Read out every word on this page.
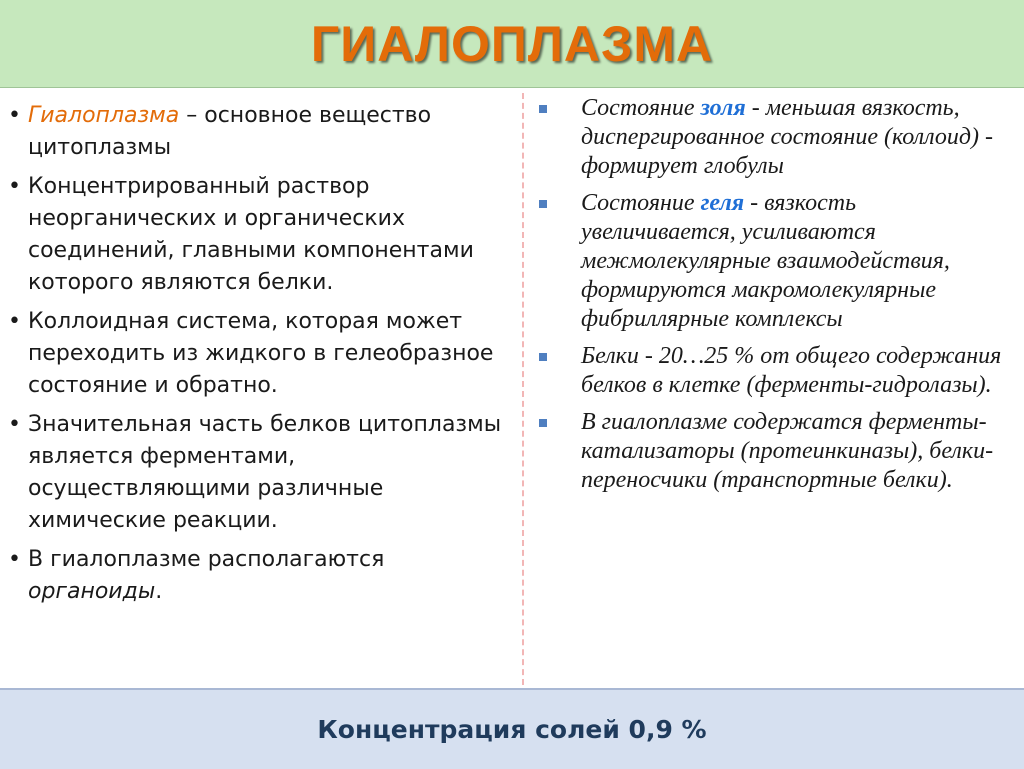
ГИАЛОПЛАЗМА
• Гиалоплазма – основное вещество цитоплазмы
• Концентрированный раствор неорганических и органических соединений, главными компонентами которого являются белки.
• Коллоидная система, которая может переходить из жидкого в гелеобразное состояние и обратно.
• Значительная часть белков цитоплазмы является ферментами, осуществляющими различные химические реакции.
• В гиалоплазме располагаются органоиды.
Состояние золя - меньшая вязкость, диспергированное состояние (коллоид) - формирует глобулы
Состояние геля - вязкость увеличивается, усиливаются межмолекулярные взаимодействия, формируются макромолекулярные фибриллярные комплексы
Белки - 20…25 % от общего содержания белков в клетке (ферменты-гидролазы).
В гиалоплазме содержатся ферменты-катализаторы (протеинкиназы), белки-переносчики (транспортные белки).
Концентрация солей 0,9 %
